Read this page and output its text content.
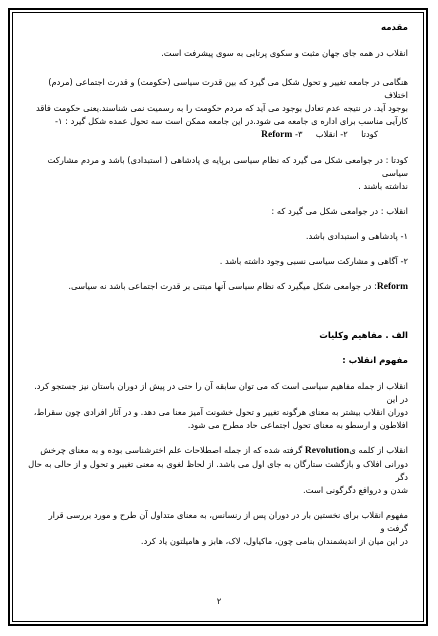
مقدمه

انقلاب در همه جای جهان مثبت و سکوی پرتابی به سوی پیشرفت است.

هنگامی در جامعه تغییر و تحول شکل می گیرد که بین قدرت سیاسی (حکومت) و قدرت اجتماعی (مردم) اختلاف

بوجود آید. در نتیجه عدم تعادل بوجود می آید که مردم حکومت را به رسمیت نمی شناسند.یعنی حکومت فاقد

کارآیی مناسب برای اداره ی جامعه می شود.در این جامعه ممکن است سه تحول عمده شکل گیرد : ۱-

کودتا     ۲- انقلاب     ۳- Reform

کودتا : در جوامعی شکل می گیرد که نظام سیاسی برپایه ی پادشاهی ( استبدادی) باشد و مردم مشارکت سیاسی

نداشته باشند .

انقلاب : در جوامعی شکل می گیرد که :

۱- پادشاهی و استبدادی باشد.

۲- آگاهی و مشارکت سیاسی نسبی وجود داشته باشد .

Reform: در جوامعی شکل میگیرد که نظام سیاسی آنها مبتنی بر قدرت اجتماعی باشد نه سیاسی.

الف . مفاهیم وکلیات

مفهوم انقلاب :

انقلاب از جمله مفاهیم سیاسی است که می توان سابقه آن را حتی در پیش از دوران باستان نیز جستجو کرد. در این

دوران انقلاب بیشتر به معنای هرگونه تغییر و تحول خشونت آمیز معنا می دهد. و در آثار افرادی چون سقراط،

افلاطون و ارسطو به معنای تحول اجتماعی حاد مطرح می شود.

انقلاب از کلمه یRevolution گرفته شده که از جمله اصطلاحات علم اخترشناسی بوده و به معنای چرخش

دورانی افلاک و بازگشت ستارگان به جای اول می باشد. از لحاظ لغوی به معنی تغییر و تحول و از حالی به حال دگر

شدن و دروافع دگرگونی است.

مفهوم انقلاب برای نخستین بار در دوران پس از رنسانس، به معنای متداول آن طرح و مورد بررسی قرار گرفت و

در این میان از اندیشمندان بنامی چون، ماکیاول، لاک، هابز و هامیلتون یاد کرد.

۲
